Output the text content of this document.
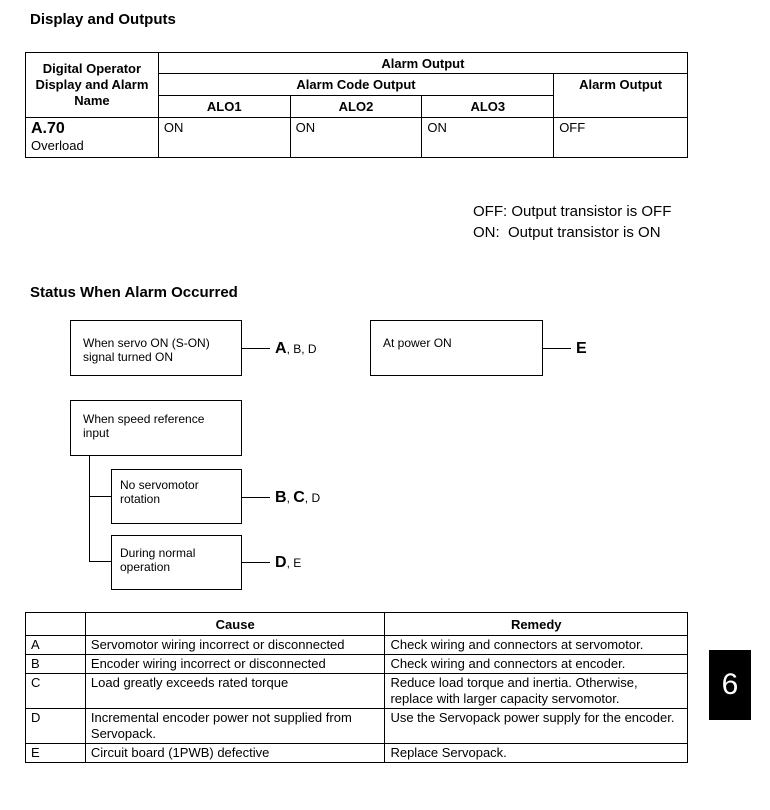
Display and Outputs
Digital Operator Display and Alarm Name	Alarm Output			
	Alarm Code Output			Alarm Output
	ALO1	ALO2	ALO3	

A.70
Overload	ON	ON	ON	OFF
OFF: Output transistor is OFF
ON:  Output transistor is ON
Status When Alarm Occurred
When servo ON (S-ON) signal turned ON	A, B, D	At power ON	E
When speed reference input
No servomotor rotation	B, C, D
During normal operation	D, E
	Cause	Remedy
A	Servomotor wiring incorrect or disconnected	Check wiring and connectors at servomotor.
B	Encoder wiring incorrect or disconnected	Check wiring and connectors at encoder.
C	Load greatly exceeds rated torque	Reduce load torque and inertia. Otherwise, replace with larger capacity servomotor.
D	Incremental encoder power not supplied from Servopack.	Use the Servopack power supply for the encoder.
E	Circuit board (1PWB) defective	Replace Servopack.
6
